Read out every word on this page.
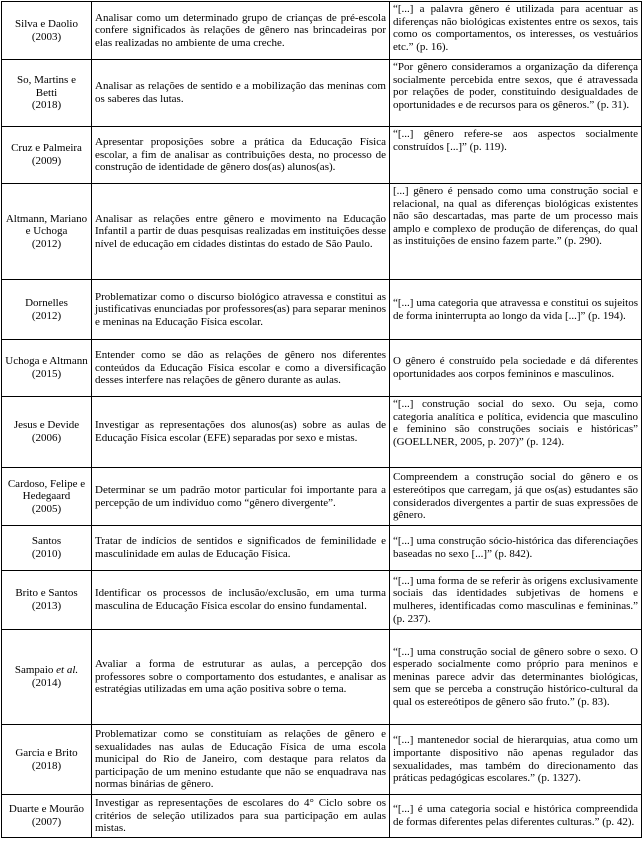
Silva e Daolio
(2003)	Analisar como um determinado grupo de crianças de pré-escola confere significados às relações de gênero nas brincadeiras por elas realizadas no ambiente de uma creche.	“[...] a palavra gênero é utilizada para acentuar as diferenças não biológicas existentes entre os sexos, tais como os comportamentos, os interesses, os vestuários etc.” (p. 16).

So, Martins e Betti
(2018)	Analisar as relações de sentido e a mobilização das meninas com os saberes das lutas.	“Por gênero consideramos a organização da diferença socialmente percebida entre sexos, que é atravessada por relações de poder, constituindo desigualdades de oportunidades e de recursos para os gêneros.” (p. 31).

Cruz e Palmeira
(2009)	Apresentar proposições sobre a prática da Educação Física escolar, a fim de analisar as contribuições desta, no processo de construção de identidade de gênero dos(as) alunos(as).	“[...] gênero refere-se aos aspectos socialmente construídos [...]” (p. 119).

Altmann, Mariano e Uchoga
(2012)	Analisar as relações entre gênero e movimento na Educação Infantil a partir de duas pesquisas realizadas em instituições desse nível de educação em cidades distintas do estado de São Paulo.	[...] gênero é pensado como uma construção social e relacional, na qual as diferenças biológicas existentes não são descartadas, mas parte de um processo mais amplo e complexo de produção de diferenças, do qual as instituições de ensino fazem parte.” (p. 290).

Dornelles
(2012)	Problematizar como o discurso biológico atravessa e constitui as justificativas enunciadas por professores(as) para separar meninos e meninas na Educação Física escolar.	“[...] uma categoria que atravessa e constitui os sujeitos de forma ininterrupta ao longo da vida [...]” (p. 194).

Uchoga e Altmann
(2015)	Entender como se dão as relações de gênero nos diferentes conteúdos da Educação Física escolar e como a diversificação desses interfere nas relações de gênero durante as aulas.	O gênero é construído pela sociedade e dá diferentes oportunidades aos corpos femininos e masculinos.

Jesus e Devide
(2006)	Investigar as representações dos alunos(as) sobre as aulas de Educação Física escolar (EFE) separadas por sexo e mistas.	“[...] construção social do sexo. Ou seja, como categoria analítica e política, evidencia que masculino e feminino são construções sociais e históricas” (GOELLNER, 2005, p. 207)” (p. 124).

Cardoso, Felipe e Hedegaard
(2005)	Determinar se um padrão motor particular foi importante para a percepção de um indivíduo como “gênero divergente”.	Compreendem a construção social do gênero e os estereótipos que carregam, já que os(as) estudantes são considerados divergentes a partir de suas expressões de gênero.

Santos
(2010)	Tratar de indícios de sentidos e significados de feminilidade e masculinidade em aulas de Educação Física.	“[...] uma construção sócio-histórica das diferenciações baseadas no sexo [...]” (p. 842).

Brito e Santos
(2013)	Identificar os processos de inclusão/exclusão, em uma turma masculina de Educação Física escolar do ensino fundamental.	“[...] uma forma de se referir às origens exclusivamente sociais das identidades subjetivas de homens e mulheres, identificadas como masculinas e femininas.” (p. 237).

Sampaio et al.
(2014)	Avaliar a forma de estruturar as aulas, a percepção dos professores sobre o comportamento dos estudantes, e analisar as estratégias utilizadas em uma ação positiva sobre o tema.	“[...] uma construção social de gênero sobre o sexo. O esperado socialmente como próprio para meninos e meninas parece advir das determinantes biológicas, sem que se perceba a construção histórico-cultural da qual os estereótipos de gênero são fruto.” (p. 83).

Garcia e Brito (2018)	Problematizar como se constituíam as relações de gênero e sexualidades nas aulas de Educação Física de uma escola municipal do Rio de Janeiro, com destaque para relatos da participação de um menino estudante que não se enquadrava nas normas binárias de gênero.	“[...] mantenedor social de hierarquias, atua como um importante dispositivo não apenas regulador das sexualidades, mas também do direcionamento das práticas pedagógicas escolares.” (p. 1327).

Duarte e Mourão
(2007)	Investigar as representações de escolares do 4° Ciclo sobre os critérios de seleção utilizados para sua participação em aulas mistas.	“[...] é uma categoria social e histórica compreendida de formas diferentes pelas diferentes culturas.” (p. 42).
